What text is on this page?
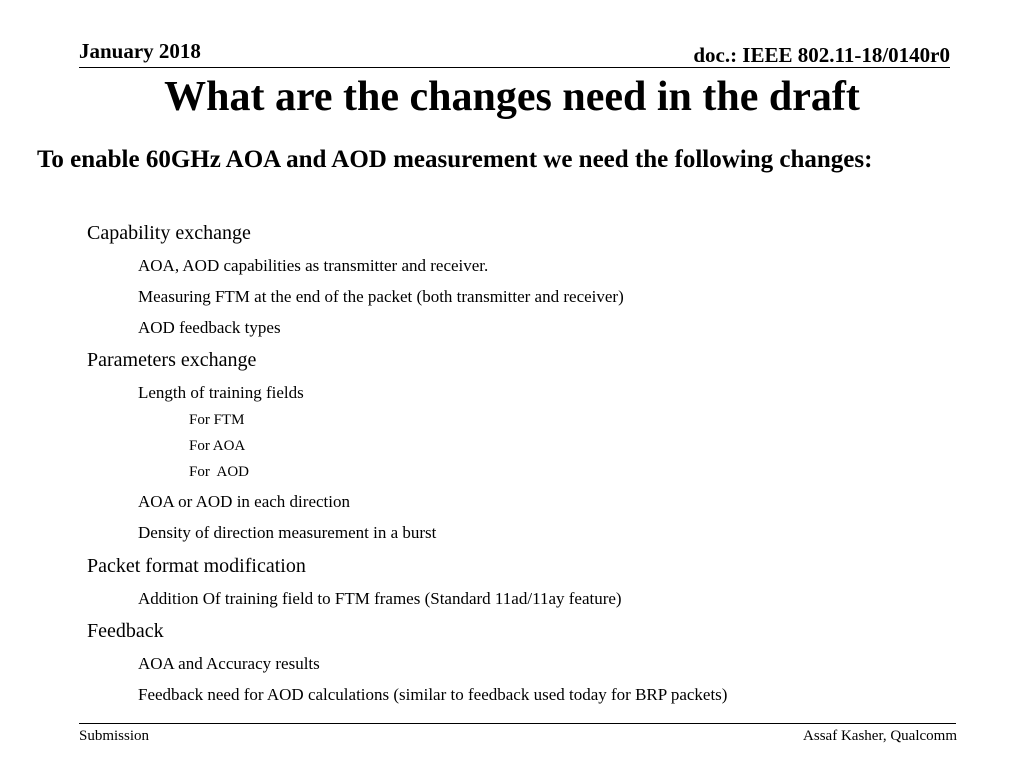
January 2018	doc.: IEEE 802.11-18/0140r0
What are the changes need in the draft
To enable 60GHz AOA and AOD measurement we need the following changes:
Capability exchange
AOA, AOD capabilities as transmitter and receiver.
Measuring FTM at the end of the packet (both transmitter and receiver)
AOD feedback types
Parameters exchange
Length of training fields
For FTM
For AOA
For  AOD
AOA or AOD in each direction
Density of direction measurement in a burst
Packet format modification
Addition Of training field to FTM frames (Standard 11ad/11ay feature)
Feedback
AOA and Accuracy results
Feedback need for AOD calculations (similar to feedback used today for BRP packets)
Submission	Assaf Kasher, Qualcomm
